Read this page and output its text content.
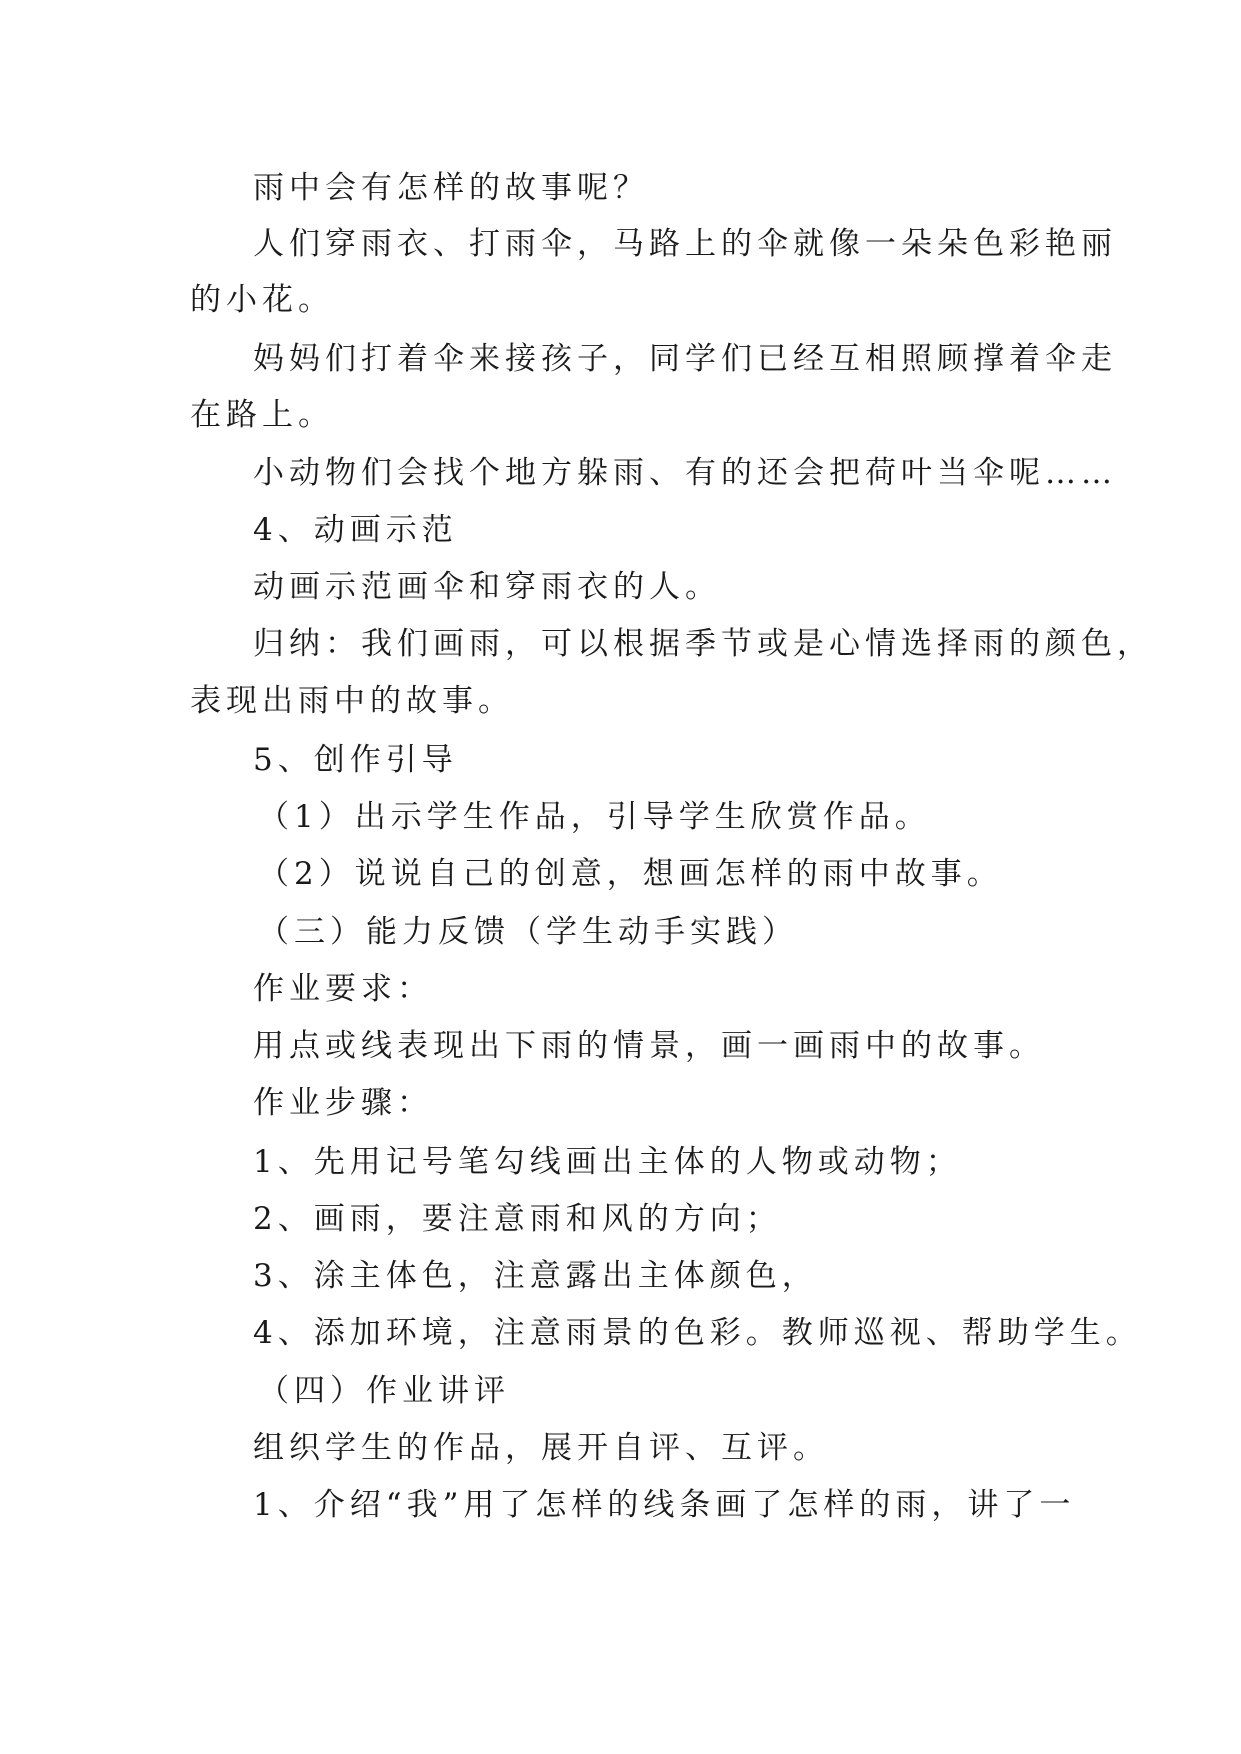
雨中会有怎样的故事呢？
人们穿雨衣、打雨伞，马路上的伞就像一朵朵色彩艳丽
的小花。
妈妈们打着伞来接孩子，同学们已经互相照顾撑着伞走
在路上。
小动物们会找个地方躲雨、有的还会把荷叶当伞呢……
4、动画示范
动画示范画伞和穿雨衣的人。
归纳：我们画雨，可以根据季节或是心情选择雨的颜色，
表现出雨中的故事。
5、创作引导
（1）出示学生作品，引导学生欣赏作品。
（2）说说自己的创意，想画怎样的雨中故事。
（三）能力反馈（学生动手实践）
作业要求：
用点或线表现出下雨的情景，画一画雨中的故事。
作业步骤：
1、先用记号笔勾线画出主体的人物或动物；
2、画雨，要注意雨和风的方向；
3、涂主体色，注意露出主体颜色，
4、添加环境，注意雨景的色彩。教师巡视、帮助学生。
（四）作业讲评
组织学生的作品，展开自评、互评。
1、介绍“我”用了怎样的线条画了怎样的雨，讲了一
